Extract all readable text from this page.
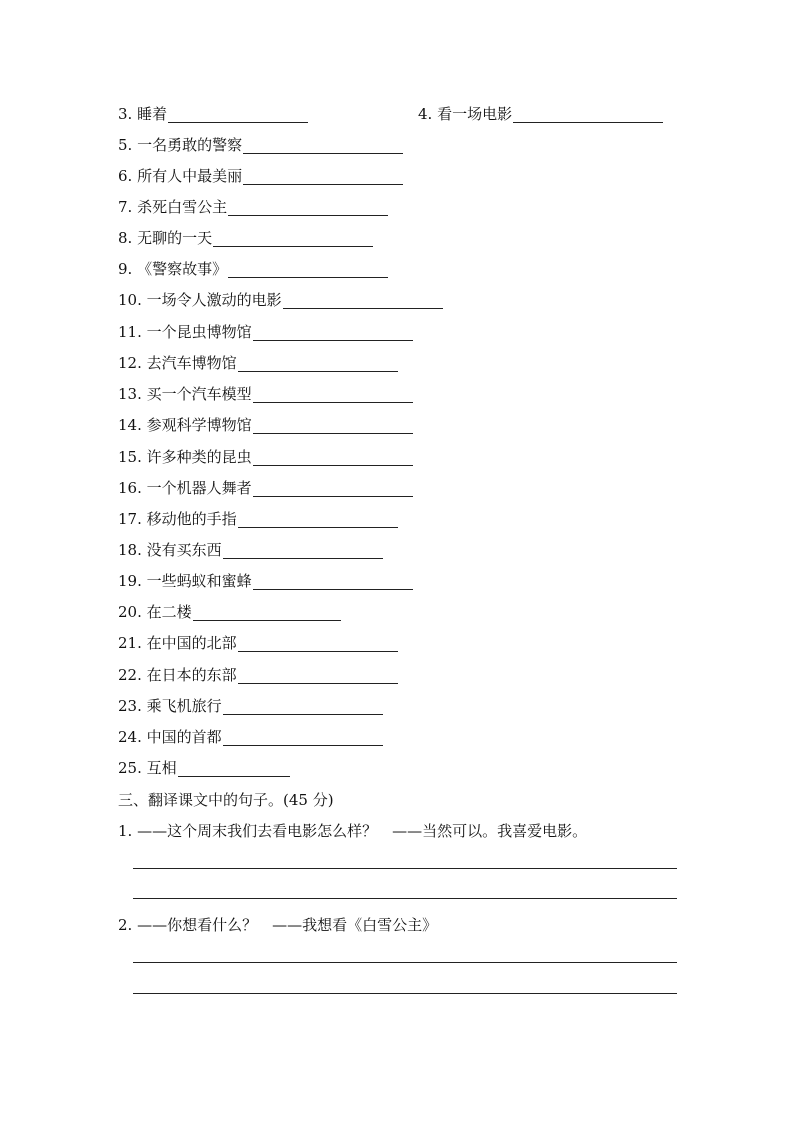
3. 睡着	4. 看一场电影
5. 一名勇敢的警察
6. 所有人中最美丽
7. 杀死白雪公主
8. 无聊的一天
9. 《警察故事》
10. 一场令人激动的电影
11. 一个昆虫博物馆
12. 去汽车博物馆
13. 买一个汽车模型
14. 参观科学博物馆
15. 许多种类的昆虫
16. 一个机器人舞者
17. 移动他的手指
18. 没有买东西
19. 一些蚂蚁和蜜蜂
20. 在二楼
21. 在中国的北部
22. 在日本的东部
23. 乘飞机旅行
24. 中国的首都
25. 互相
三、翻译课文中的句子。(45 分)
1. ——这个周末我们去看电影怎么样？　——当然可以。我喜爱电影。
2. ——你想看什么？　——我想看《白雪公主》
